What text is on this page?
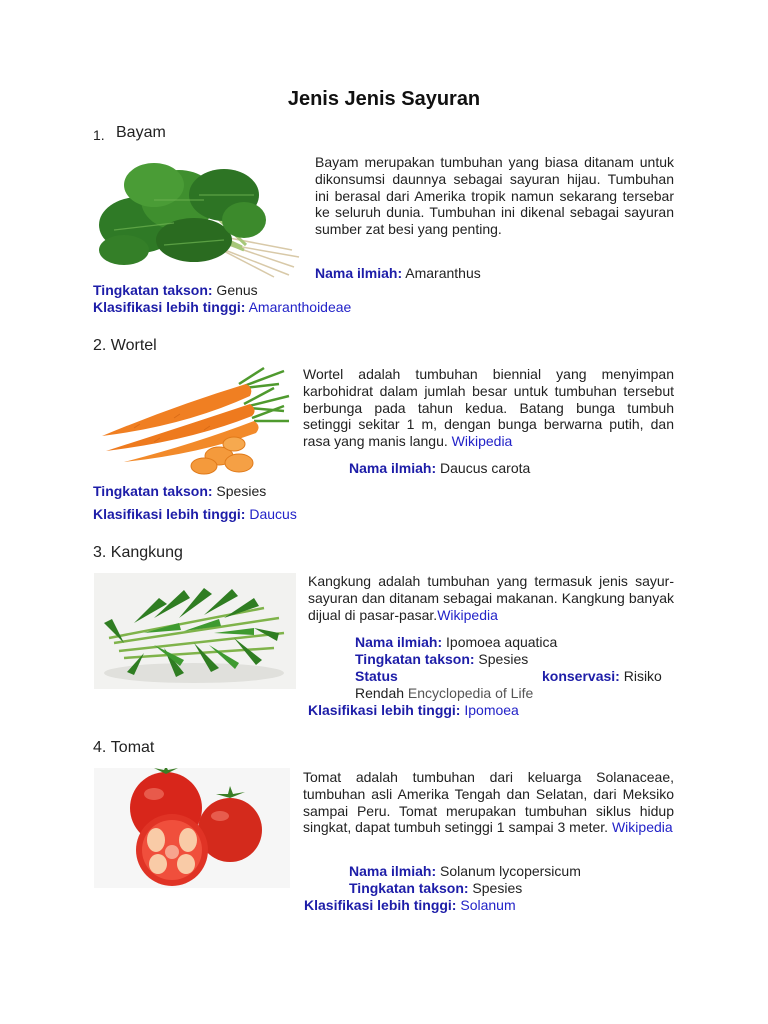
Jenis Jenis Sayuran
1. Bayam
Bayam merupakan tumbuhan yang biasa ditanam untuk dikonsumsi daunnya sebagai sayuran hijau. Tumbuhan ini berasal dari Amerika tropik namun sekarang tersebar ke seluruh dunia. Tumbuhan ini dikenal sebagai sayuran sumber zat besi yang penting.
Nama ilmiah: Amaranthus
Tingkatan takson: Genus
Klasifikasi lebih tinggi: Amaranthoideae
2. Wortel
Wortel adalah tumbuhan biennial yang menyimpan karbohidrat dalam jumlah besar untuk tumbuhan tersebut berbunga pada tahun kedua. Batang bunga tumbuh setinggi sekitar 1 m, dengan bunga berwarna putih, dan rasa yang manis langu. Wikipedia
Nama ilmiah: Daucus carota
Tingkatan takson: Spesies
Klasifikasi lebih tinggi: Daucus
3. Kangkung
Kangkung adalah tumbuhan yang termasuk jenis sayur-sayuran dan ditanam sebagai makanan. Kangkung banyak dijual di pasar-pasar.Wikipedia
Nama ilmiah: Ipomoea aquatica
Tingkatan takson: Spesies
Status	konservasi: Risiko
Rendah Encyclopedia of Life
Klasifikasi lebih tinggi: Ipomoea
4. Tomat
Tomat adalah tumbuhan dari keluarga Solanaceae, tumbuhan asli Amerika Tengah dan Selatan, dari Meksiko sampai Peru. Tomat merupakan tumbuhan siklus hidup singkat, dapat tumbuh setinggi 1 sampai 3 meter. Wikipedia
Nama ilmiah: Solanum lycopersicum
Tingkatan takson: Spesies
Klasifikasi lebih tinggi: Solanum
